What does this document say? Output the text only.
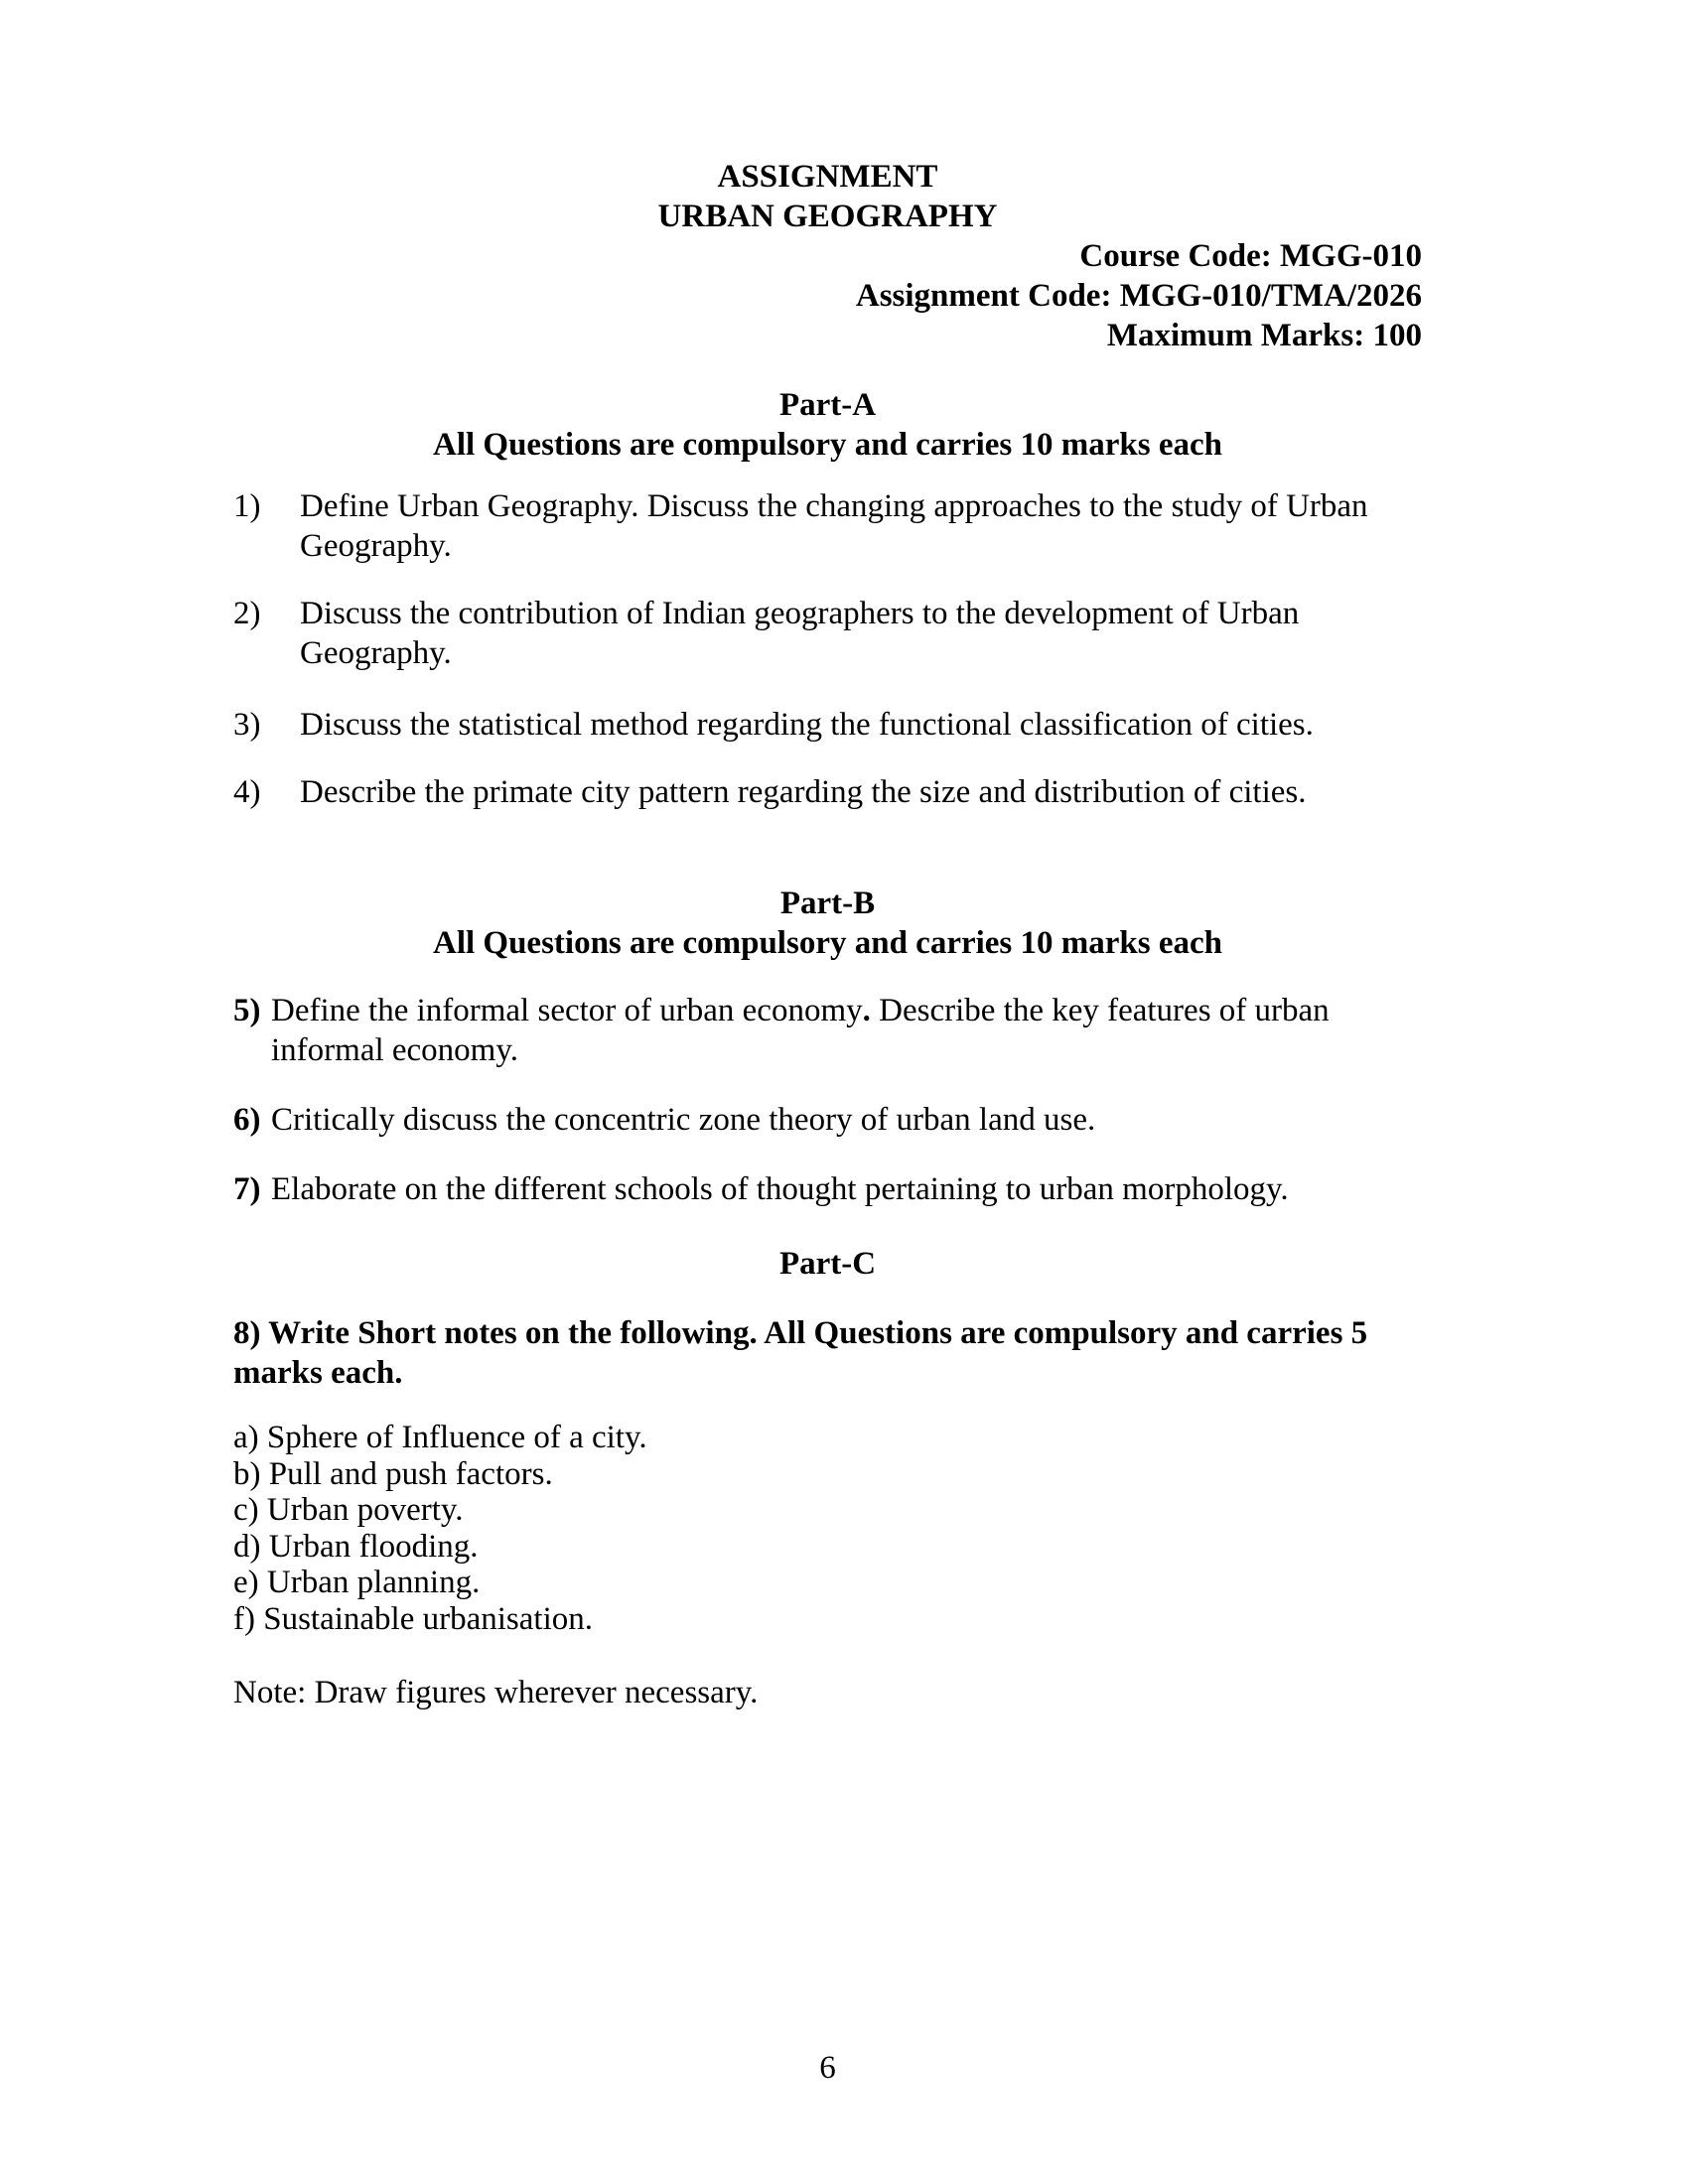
ASSIGNMENT
URBAN GEOGRAPHY
Course Code: MGG-010
Assignment Code: MGG-010/TMA/2026
Maximum Marks: 100
Part-A
All Questions are compulsory and carries 10 marks each
1)	Define Urban Geography. Discuss the changing approaches to the study of Urban Geography.
2)	Discuss the contribution of Indian geographers to the development of Urban Geography.
3)	Discuss the statistical method regarding the functional classification of cities.
4)	Describe the primate city pattern regarding the size and distribution of cities.
Part-B
All Questions are compulsory and carries 10 marks each
5) Define the informal sector of urban economy. Describe the key features of urban informal economy.
6) Critically discuss the concentric zone theory of urban land use.
7) Elaborate on the different schools of thought pertaining to urban morphology.
Part-C
8) Write Short notes on the following. All Questions are compulsory and carries 5 marks each.
a) Sphere of Influence of a city.
b) Pull and push factors.
c) Urban poverty.
d) Urban flooding.
e) Urban planning.
f) Sustainable urbanisation.
Note: Draw figures wherever necessary.
6
